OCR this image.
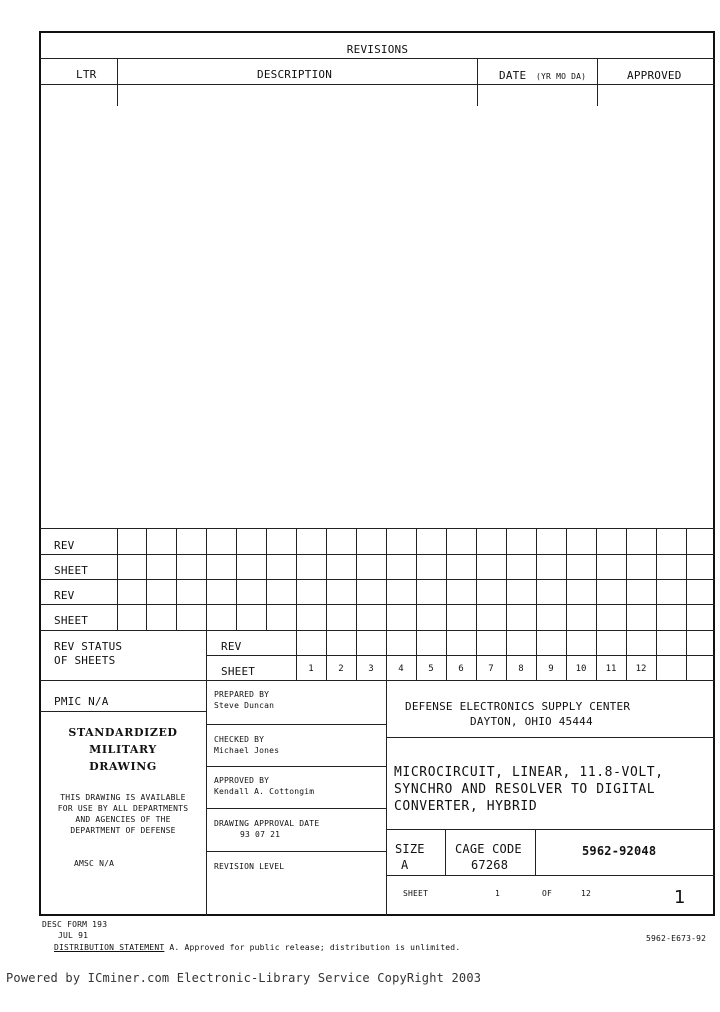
REVISIONS
LTR	DESCRIPTION	DATE (YR MO DA)	APPROVED
REV
SHEET
REV
SHEET
REV STATUS
OF SHEETS
REV
SHEET	1	2	3	4	5	6	7	8	9	10	11	12
PMIC N/A
STANDARDIZED
MILITARY
DRAWING
THIS DRAWING IS AVAILABLE
FOR USE BY ALL DEPARTMENTS
AND AGENCIES OF THE
DEPARTMENT OF DEFENSE
AMSC N/A
PREPARED BY
Steve Duncan
CHECKED BY
Michael Jones
APPROVED BY
Kendall A. Cottongim
DRAWING APPROVAL DATE
93 07 21
REVISION LEVEL
DEFENSE ELECTRONICS SUPPLY CENTER
DAYTON, OHIO 45444
MICROCIRCUIT, LINEAR, 11.8-VOLT,
SYNCHRO AND RESOLVER TO DIGITAL
CONVERTER, HYBRID
SIZE
A
CAGE CODE
67268
5962-92048
SHEET	1	OF	12	1
DESC FORM 193
JUL 91
DISTRIBUTION STATEMENT A. Approved for public release; distribution is unlimited.
5962-E673-92
Powered by ICminer.com Electronic-Library Service CopyRight 2003
